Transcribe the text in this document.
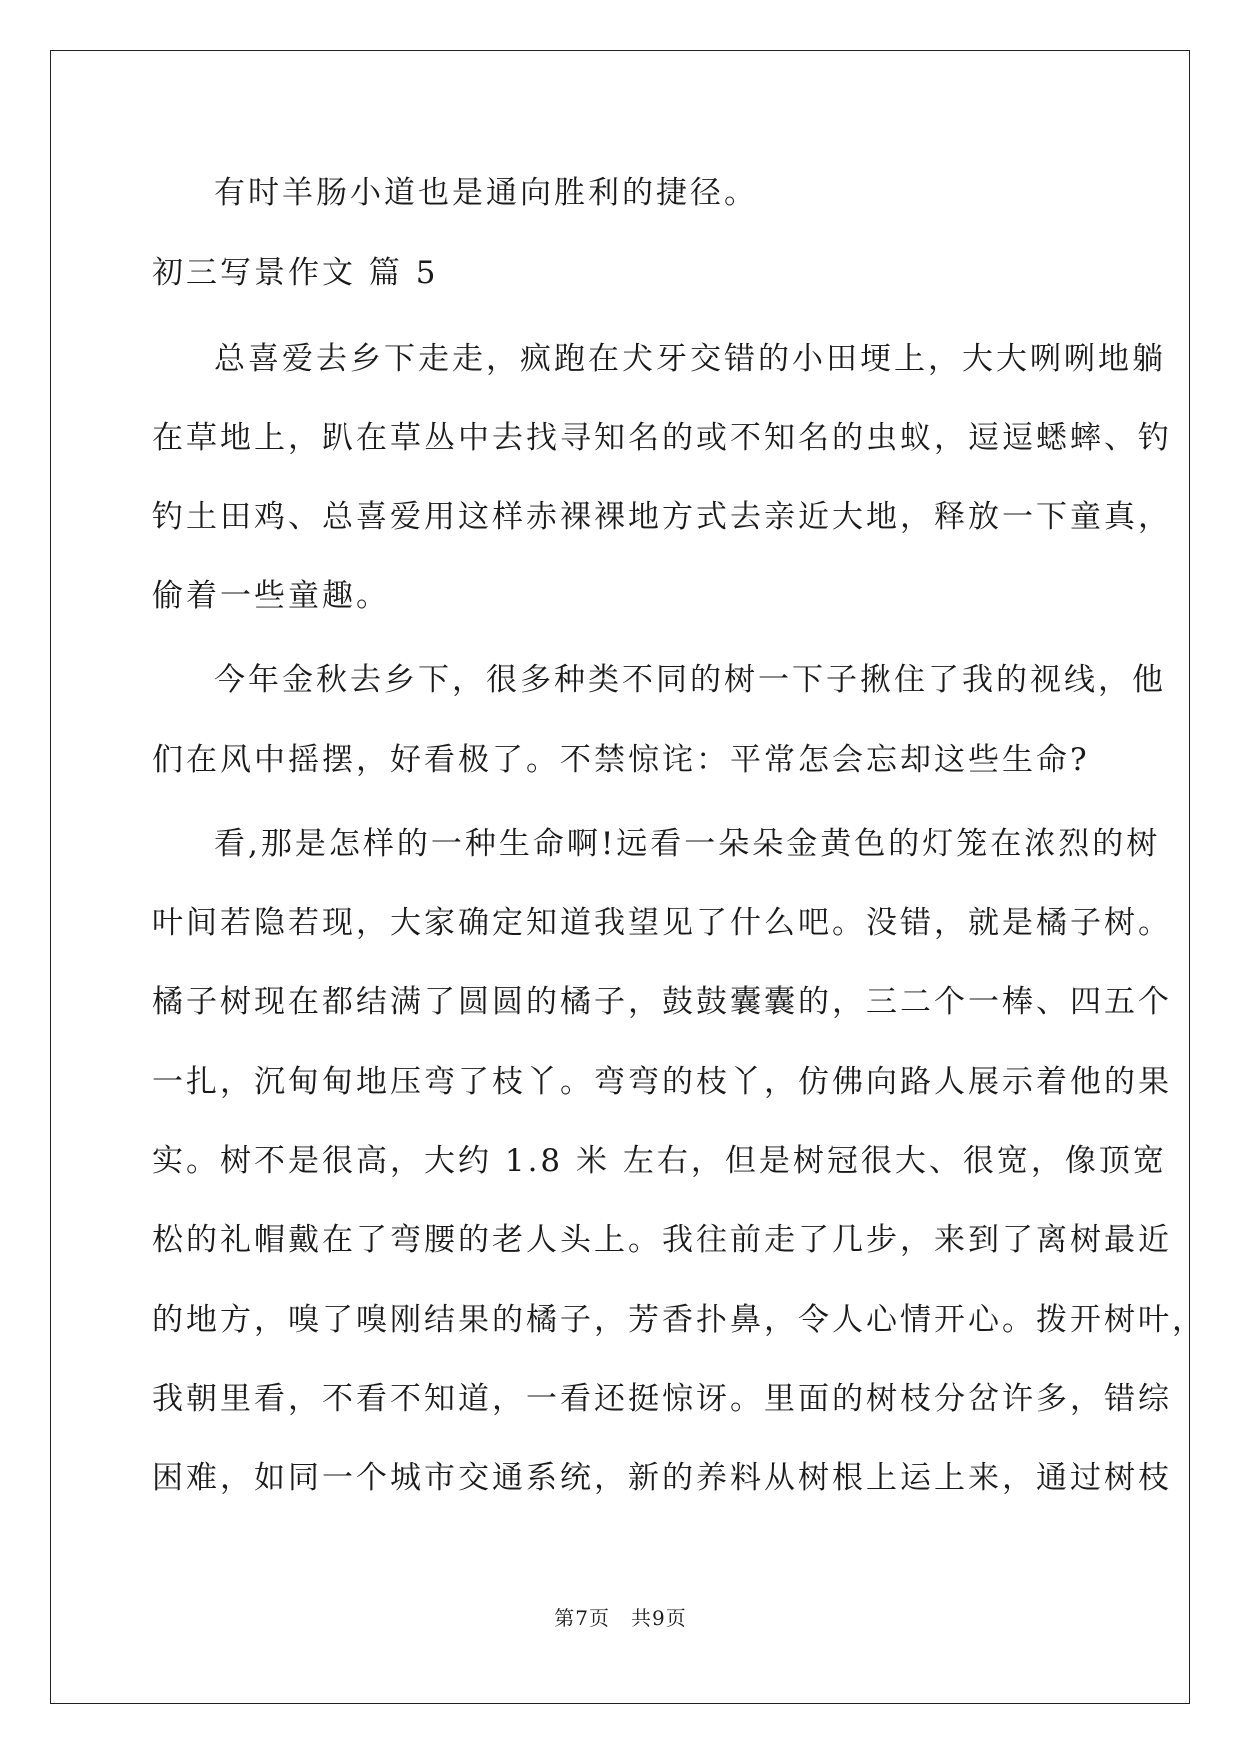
有时羊肠小道也是通向胜利的捷径。
初三写景作文 篇 5
总喜爱去乡下走走，疯跑在犬牙交错的小田埂上，大大咧咧地躺
在草地上，趴在草丛中去找寻知名的或不知名的虫蚁，逗逗蟋蟀、钓
钓土田鸡、总喜爱用这样赤裸裸地方式去亲近大地，释放一下童真，
偷着一些童趣。
今年金秋去乡下，很多种类不同的树一下子揪住了我的视线，他
们在风中摇摆，好看极了。不禁惊诧：平常怎会忘却这些生命?
看,那是怎样的一种生命啊!远看一朵朵金黄色的灯笼在浓烈的树
叶间若隐若现，大家确定知道我望见了什么吧。没错，就是橘子树。
橘子树现在都结满了圆圆的橘子，鼓鼓囊囊的，三二个一棒、四五个
一扎，沉甸甸地压弯了枝丫。弯弯的枝丫，仿佛向路人展示着他的果
实。树不是很高，大约 1.8 米 左右，但是树冠很大、很宽，像顶宽
松的礼帽戴在了弯腰的老人头上。我往前走了几步，来到了离树最近
的地方，嗅了嗅刚结果的橘子，芳香扑鼻，令人心情开心。拨开树叶，
我朝里看，不看不知道，一看还挺惊讶。里面的树枝分岔许多，错综
困难，如同一个城市交通系统，新的养料从树根上运上来，通过树枝
第7页　共9页
